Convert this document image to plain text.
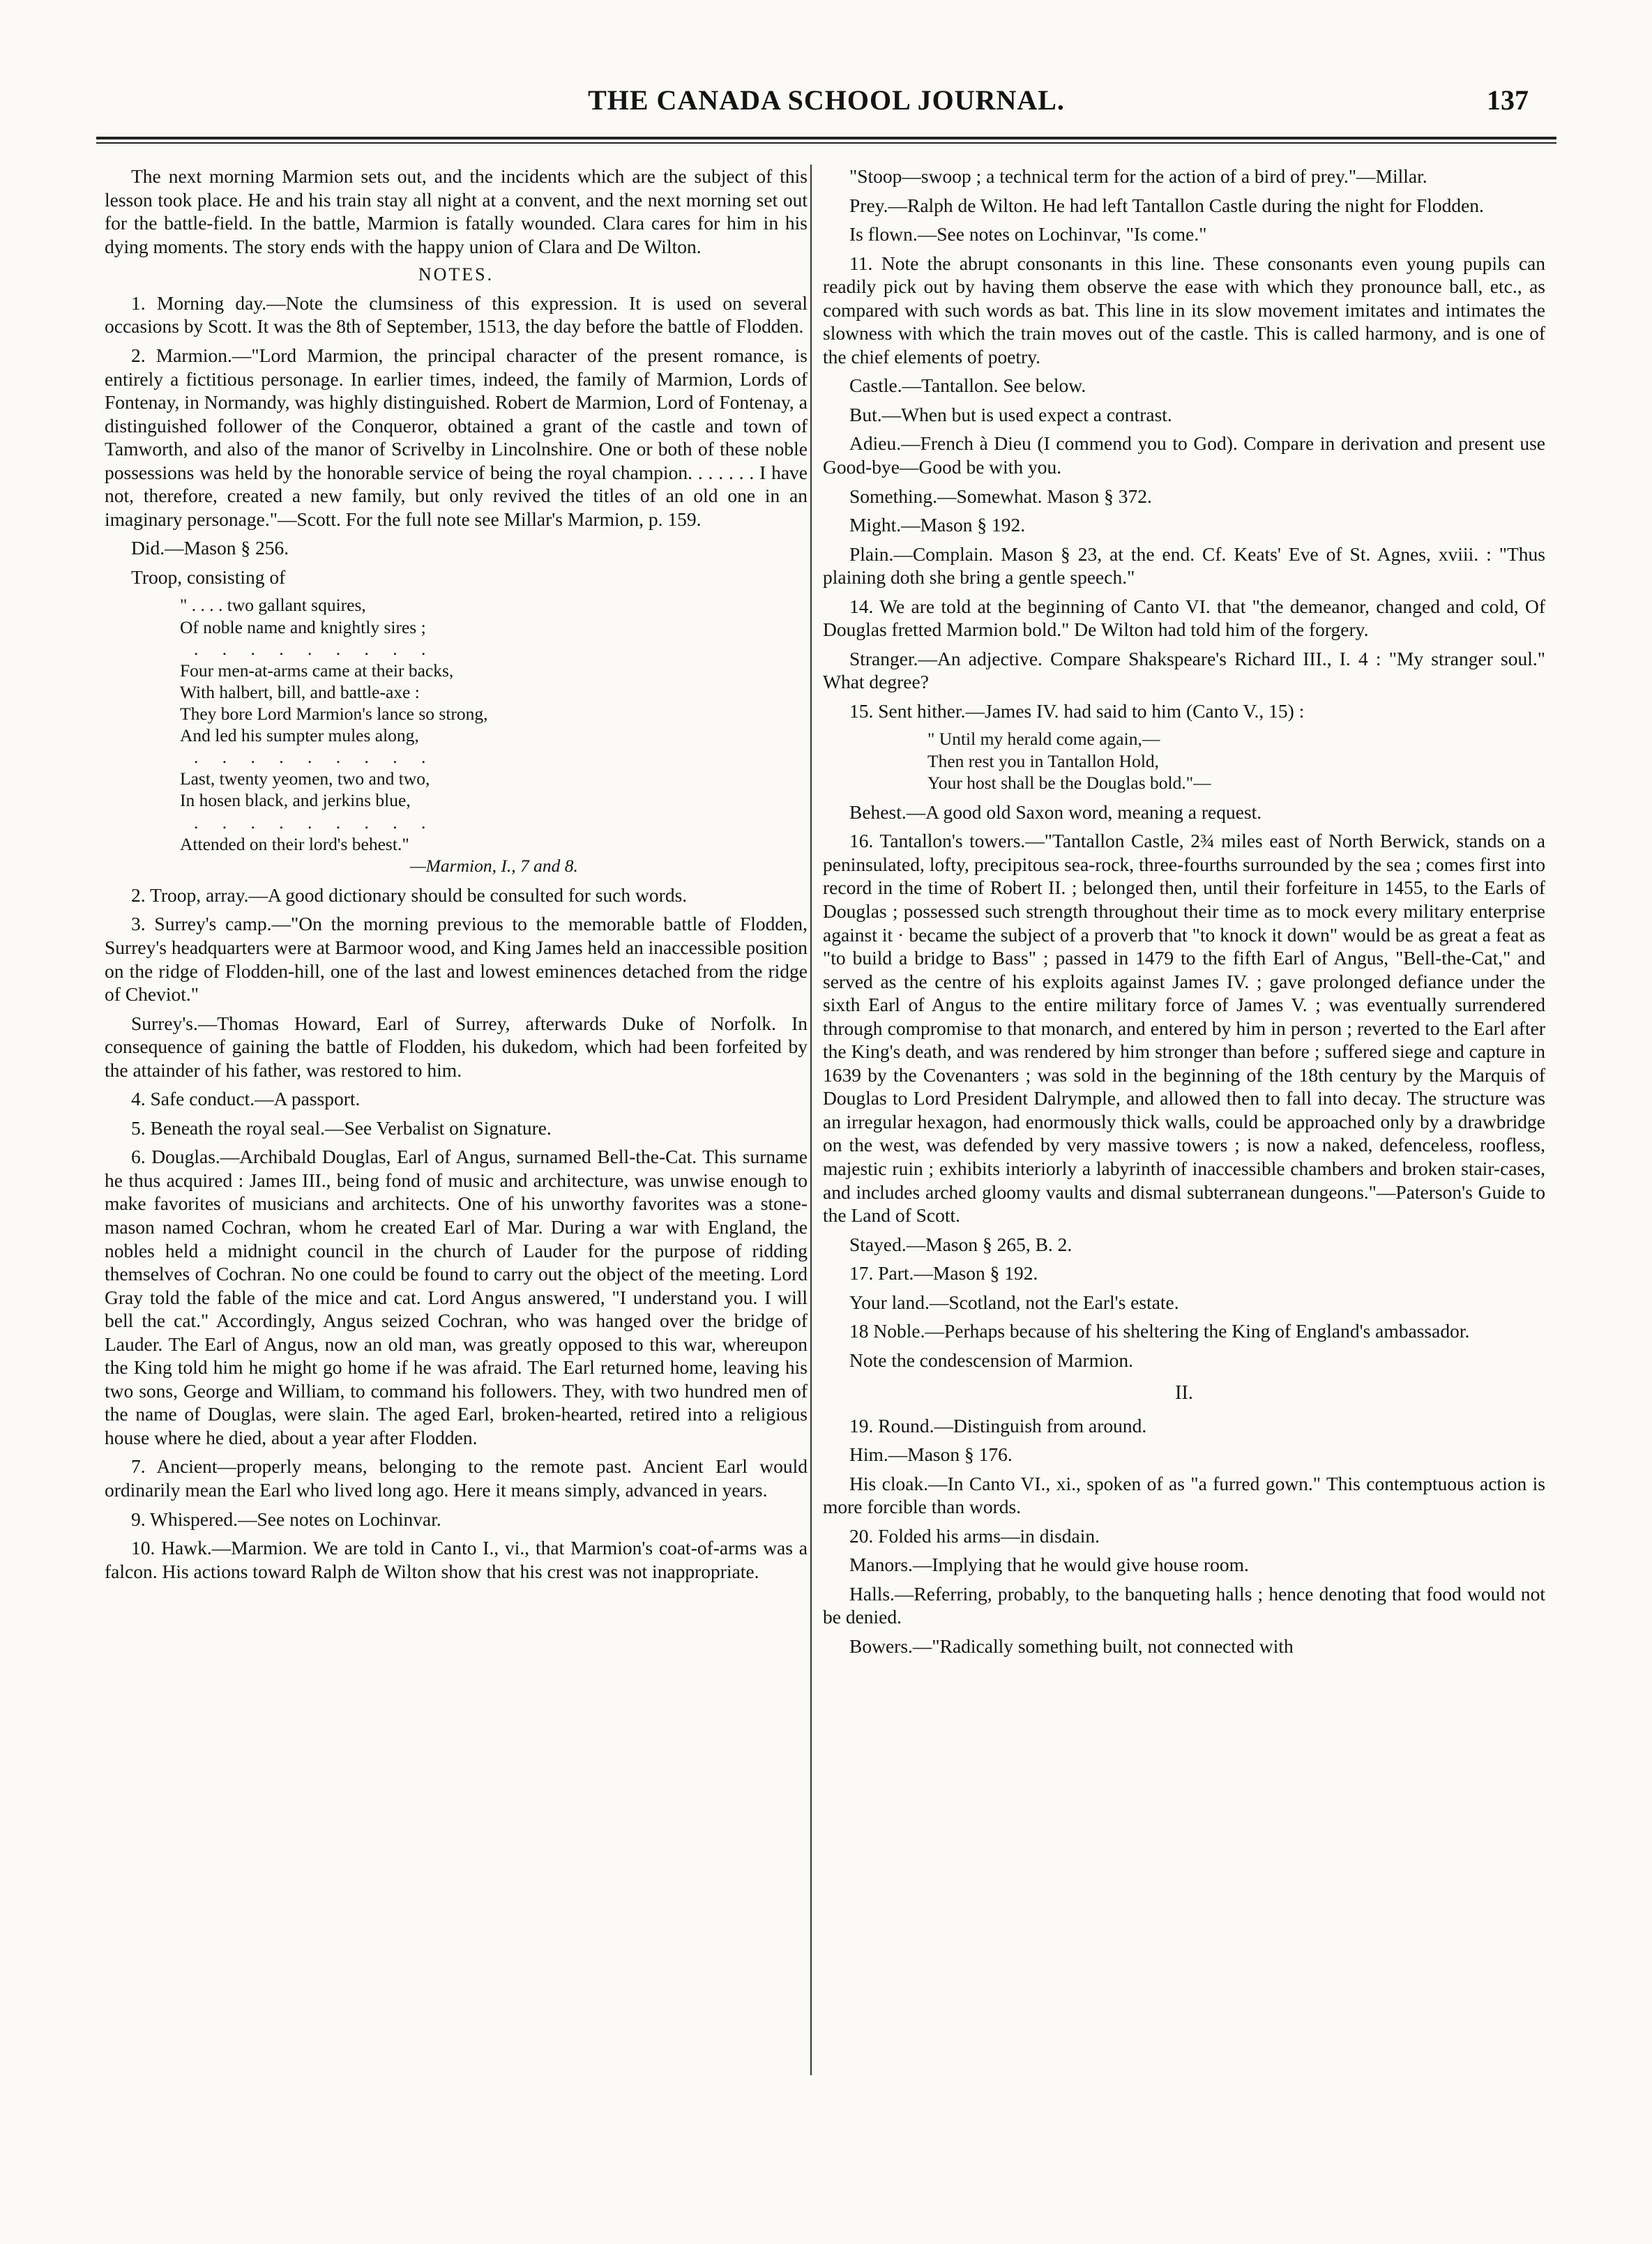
THE CANADA SCHOOL JOURNAL.	137

The next morning Marmion sets out, and the incidents which are the subject of this lesson took place. He and his train stay all night at a convent, and the next morning set out for the battle-field. In the battle, Marmion is fatally wounded. Clara cares for him in his dying moments. The story ends with the happy union of Clara and De Wilton.

NOTES.

1. Morning day.—Note the clumsiness of this expression. It is used on several occasions by Scott. It was the 8th of September, 1513, the day before the battle of Flodden.

2. Marmion.—"Lord Marmion, the principal character of the present romance, is entirely a fictitious personage. In earlier times, indeed, the family of Marmion, Lords of Fontenay, in Normandy, was highly distinguished. Robert de Marmion, Lord of Fontenay, a distinguished follower of the Conqueror, obtained a grant of the castle and town of Tamworth, and also of the manor of Scrivelby in Lincolnshire. One or both of these noble possessions was held by the honorable service of being the royal champion. . . . . . . I have not, therefore, created a new family, but only revived the titles of an old one in an imaginary personage."—Scott. For the full note see Millar's Marmion, p. 159.

Did.—Mason § 256.

Troop, consisting of

" . . . . two gallant squires,
Of noble name and knightly sires ;
. . . . . . . . .
Four men-at-arms came at their backs,
With halbert, bill, and battle-axe :
They bore Lord Marmion's lance so strong,
And led his sumpter mules along,
. . . . . . . . .
Last, twenty yeomen, two and two,
In hosen black, and jerkins blue,
. . . . . . . . .
Attended on their lord's behest."
—Marmion, I., 7 and 8.

2. Troop, array.—A good dictionary should be consulted for such words.

3. Surrey's camp.—"On the morning previous to the memorable battle of Flodden, Surrey's headquarters were at Barmoor wood, and King James held an inaccessible position on the ridge of Flodden-hill, one of the last and lowest eminences detached from the ridge of Cheviot."

Surrey's.—Thomas Howard, Earl of Surrey, afterwards Duke of Norfolk. In consequence of gaining the battle of Flodden, his dukedom, which had been forfeited by the attainder of his father, was restored to him.

4. Safe conduct.—A passport.

5. Beneath the royal seal.—See Verbalist on Signature.

6. Douglas.—Archibald Douglas, Earl of Angus, surnamed Bell-the-Cat. This surname he thus acquired : James III., being fond of music and architecture, was unwise enough to make favorites of musicians and architects. One of his unworthy favorites was a stone-mason named Cochran, whom he created Earl of Mar. During a war with England, the nobles held a midnight council in the church of Lauder for the purpose of ridding themselves of Cochran. No one could be found to carry out the object of the meeting. Lord Gray told the fable of the mice and cat. Lord Angus answered, "I understand you. I will bell the cat." Accordingly, Angus seized Cochran, who was hanged over the bridge of Lauder. The Earl of Angus, now an old man, was greatly opposed to this war, whereupon the King told him he might go home if he was afraid. The Earl returned home, leaving his two sons, George and William, to command his followers. They, with two hundred men of the name of Douglas, were slain. The aged Earl, broken-hearted, retired into a religious house where he died, about a year after Flodden.

7. Ancient—properly means, belonging to the remote past. Ancient Earl would ordinarily mean the Earl who lived long ago. Here it means simply, advanced in years.

9. Whispered.—See notes on Lochinvar.

10. Hawk.—Marmion. We are told in Canto I., vi., that Marmion's coat-of-arms was a falcon. His actions toward Ralph de Wilton show that his crest was not inappropriate.

"Stoop—swoop ; a technical term for the action of a bird of prey."—Millar.

Prey.—Ralph de Wilton. He had left Tantallon Castle during the night for Flodden.

Is flown.—See notes on Lochinvar, "Is come."

11. Note the abrupt consonants in this line. These consonants even young pupils can readily pick out by having them observe the ease with which they pronounce ball, etc., as compared with such words as bat. This line in its slow movement imitates and intimates the slowness with which the train moves out of the castle. This is called harmony, and is one of the chief elements of poetry.

Castle.—Tantallon. See below.

But.—When but is used expect a contrast.

Adieu.—French à Dieu (I commend you to God). Compare in derivation and present use Good-bye—Good be with you.

Something.—Somewhat. Mason § 372.

Might.—Mason § 192.

Plain.—Complain. Mason § 23, at the end. Cf. Keats' Eve of St. Agnes, xviii. : "Thus plaining doth she bring a gentle speech."

14. We are told at the beginning of Canto VI. that "the demeanor, changed and cold, Of Douglas fretted Marmion bold." De Wilton had told him of the forgery.

Stranger.—An adjective. Compare Shakspeare's Richard III., I. 4 : "My stranger soul." What degree?

15. Sent hither.—James IV. had said to him (Canto V., 15) :

" Until my herald come again,—
Then rest you in Tantallon Hold,
Your host shall be the Douglas bold."—

Behest.—A good old Saxon word, meaning a request.

16. Tantallon's towers.—"Tantallon Castle, 2¾ miles east of North Berwick, stands on a peninsulated, lofty, precipitous sea-rock, three-fourths surrounded by the sea ; comes first into record in the time of Robert II. ; belonged then, until their forfeiture in 1455, to the Earls of Douglas ; possessed such strength throughout their time as to mock every military enterprise against it · became the subject of a proverb that "to knock it down" would be as great a feat as "to build a bridge to Bass" ; passed in 1479 to the fifth Earl of Angus, "Bell-the-Cat," and served as the centre of his exploits against James IV. ; gave prolonged defiance under the sixth Earl of Angus to the entire military force of James V. ; was eventually surrendered through compromise to that monarch, and entered by him in person ; reverted to the Earl after the King's death, and was rendered by him stronger than before ; suffered siege and capture in 1639 by the Covenanters ; was sold in the beginning of the 18th century by the Marquis of Douglas to Lord President Dalrymple, and allowed then to fall into decay. The structure was an irregular hexagon, had enormously thick walls, could be approached only by a drawbridge on the west, was defended by very massive towers ; is now a naked, defenceless, roofless, majestic ruin ; exhibits interiorly a labyrinth of inaccessible chambers and broken stair-cases, and includes arched gloomy vaults and dismal subterranean dungeons."—Paterson's Guide to the Land of Scott.

Stayed.—Mason § 265, B. 2.

17. Part.—Mason § 192.

Your land.—Scotland, not the Earl's estate.

18 Noble.—Perhaps because of his sheltering the King of England's ambassador.

Note the condescension of Marmion.

II.

19. Round.—Distinguish from around.

Him.—Mason § 176.

His cloak.—In Canto VI., xi., spoken of as "a furred gown." This contemptuous action is more forcible than words.

20. Folded his arms—in disdain.

Manors.—Implying that he would give house room.

Halls.—Referring, probably, to the banqueting halls ; hence denoting that food would not be denied.

Bowers.—"Radically something built, not connected with
